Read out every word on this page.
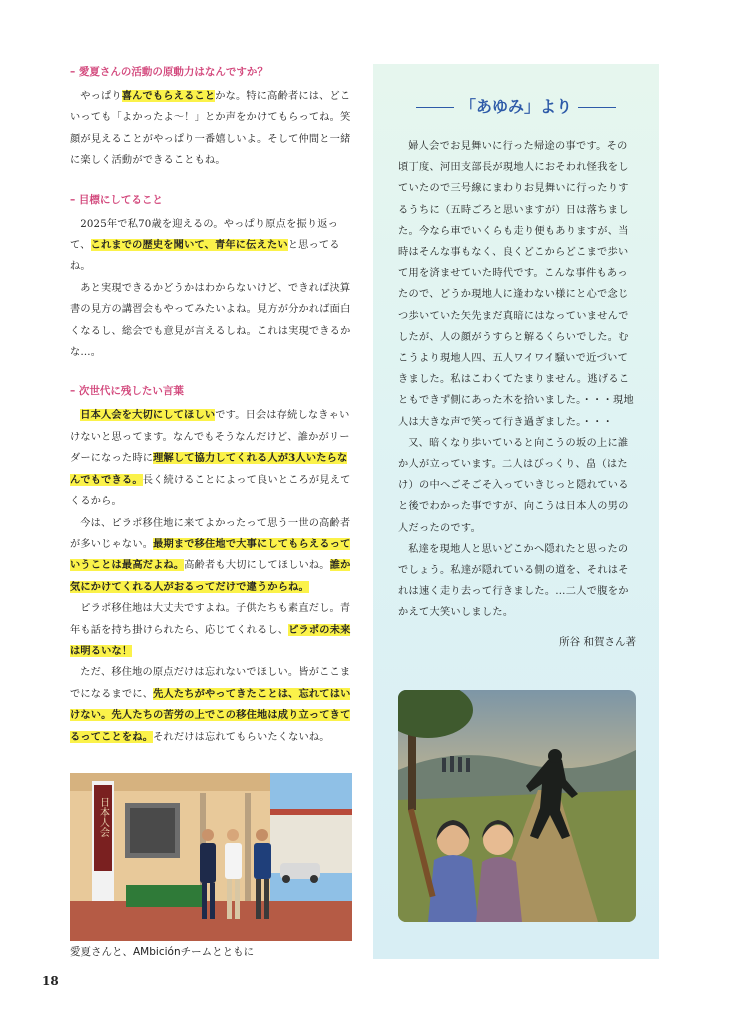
– 愛夏さんの活動の原動力はなんですか？

やっぱり喜んでもらえることかな。特に高齢者には、どこいっても「よかったよ～！」とか声をかけてもらってね。笑顔が見えることがやっぱり一番嬉しいよ。そして仲間と一緒に楽しく活動ができることもね。

– 目標にしてること

2025年で私70歳を迎えるの。やっぱり原点を振り返って、これまでの歴史を聞いて、青年に伝えたいと思ってるね。

あと実現できるかどうかはわからないけど、できれば決算書の見方の講習会もやってみたいよね。見方が分かれば面白くなるし、総会でも意見が言えるしね。これは実現できるかな…。

– 次世代に残したい言葉

日本人会を大切にしてほしいです。日会は存続しなきゃいけないと思ってます。なんでもそうなんだけど、誰かがリーダーになった時に理解して協力してくれる人が3人いたらなんでもできる。長く続けることによって良いところが見えてくるから。

今は、ピラポ移住地に来てよかったって思う一世の高齢者が多いじゃない。最期まで移住地で大事にしてもらえるっていうことは最高だよね。高齢者も大切にしてほしいね。誰か気にかけてくれる人がおるってだけで違うからね。

ピラポ移住地は大丈夫ですよね。子供たちも素直だし。青年も話を持ち掛けられたら、応じてくれるし、ピラポの未来は明るいな！

ただ、移住地の原点だけは忘れないでほしい。皆がここまでになるまでに、先人たちがやってきたことは、忘れてはいけない。先人たちの苦労の上でこの移住地は成り立ってきてるってことをね。それだけは忘れてもらいたくないね。

日本人会
愛夏さんと、AMbiciónチームとともに
18
「あゆみ」より

婦人会でお見舞いに行った帰途の事です。その頃丁度、河田支部長が現地人におそわれ怪我をしていたので三号線にまわりお見舞いに行ったりするうちに（五時ごろと思いますが）日は落ちました。今なら車でいくらも走り便もありますが、当時はそんな事もなく、良くどこからどこまで歩いて用を済ませていた時代です。こんな事件もあったので、どうか現地人に逢わない様にと心で念じつ歩いていた矢先まだ真暗にはなっていませんでしたが、人の顔がうすらと解るくらいでした。むこうより現地人四、五人ワイワイ騒いで近づいてきました。私はこわくてたまりません。逃げることもできず側にあった木を拾いました。・・・現地人は大きな声で笑って行き過ぎました。・・・

又、暗くなり歩いていると向こうの坂の上に誰か人が立っています。二人はびっくり、畠（はたけ）の中へごそごそ入っていきじっと隠れていると後でわかった事ですが、向こうは日本人の男の人だったのです。

私達を現地人と思いどこかへ隠れたと思ったのでしょう。私達が隠れている側の道を、それはそれは速く走り去って行きました。…二人で腹をかかえて大笑いしました。

所谷 和賀さん著
